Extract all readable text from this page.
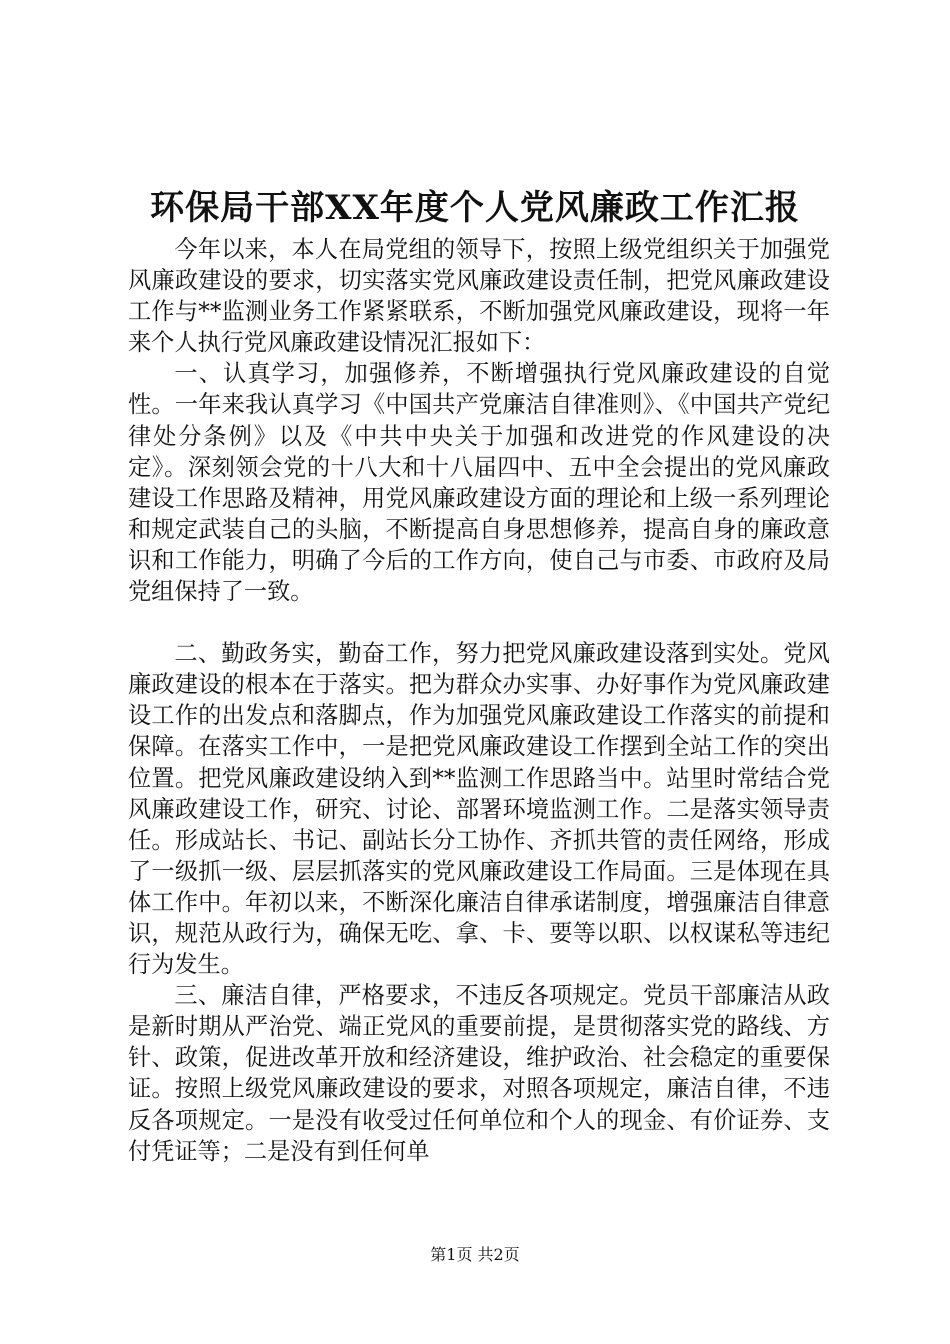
环保局干部XX年度个人党风廉政工作汇报

今年以来，本人在局党组的领导下，按照上级党组织关于加强党风廉政建设的要求，切实落实党风廉政建设责任制，把党风廉政建设工作与**监测业务工作紧紧联系，不断加强党风廉政建设，现将一年来个人执行党风廉政建设情况汇报如下：

一、认真学习，加强修养，不断增强执行党风廉政建设的自觉性。一年来我认真学习《中国共产党廉洁自律准则》、《中国共产党纪律处分条例》以及《中共中央关于加强和改进党的作风建设的决定》。深刻领会党的十八大和十八届四中、五中全会提出的党风廉政建设工作思路及精神，用党风廉政建设方面的理论和上级一系列理论和规定武装自己的头脑，不断提高自身思想修养，提高自身的廉政意识和工作能力，明确了今后的工作方向，使自己与市委、市政府及局党组保持了一致。

二、勤政务实，勤奋工作，努力把党风廉政建设落到实处。党风廉政建设的根本在于落实。把为群众办实事、办好事作为党风廉政建设工作的出发点和落脚点，作为加强党风廉政建设工作落实的前提和保障。在落实工作中，一是把党风廉政建设工作摆到全站工作的突出位置。把党风廉政建设纳入到**监测工作思路当中。站里时常结合党风廉政建设工作，研究、讨论、部署环境监测工作。二是落实领导责任。形成站长、书记、副站长分工协作、齐抓共管的责任网络，形成了一级抓一级、层层抓落实的党风廉政建设工作局面。三是体现在具体工作中。年初以来，不断深化廉洁自律承诺制度，增强廉洁自律意识，规范从政行为，确保无吃、拿、卡、要等以职、以权谋私等违纪行为发生。

三、廉洁自律，严格要求，不违反各项规定。党员干部廉洁从政是新时期从严治党、端正党风的重要前提，是贯彻落实党的路线、方针、政策，促进改革开放和经济建设，维护政治、社会稳定的重要保证。按照上级党风廉政建设的要求，对照各项规定，廉洁自律，不违反各项规定。一是没有收受过任何单位和个人的现金、有价证券、支付凭证等；二是没有到任何单

第1页 共2页
